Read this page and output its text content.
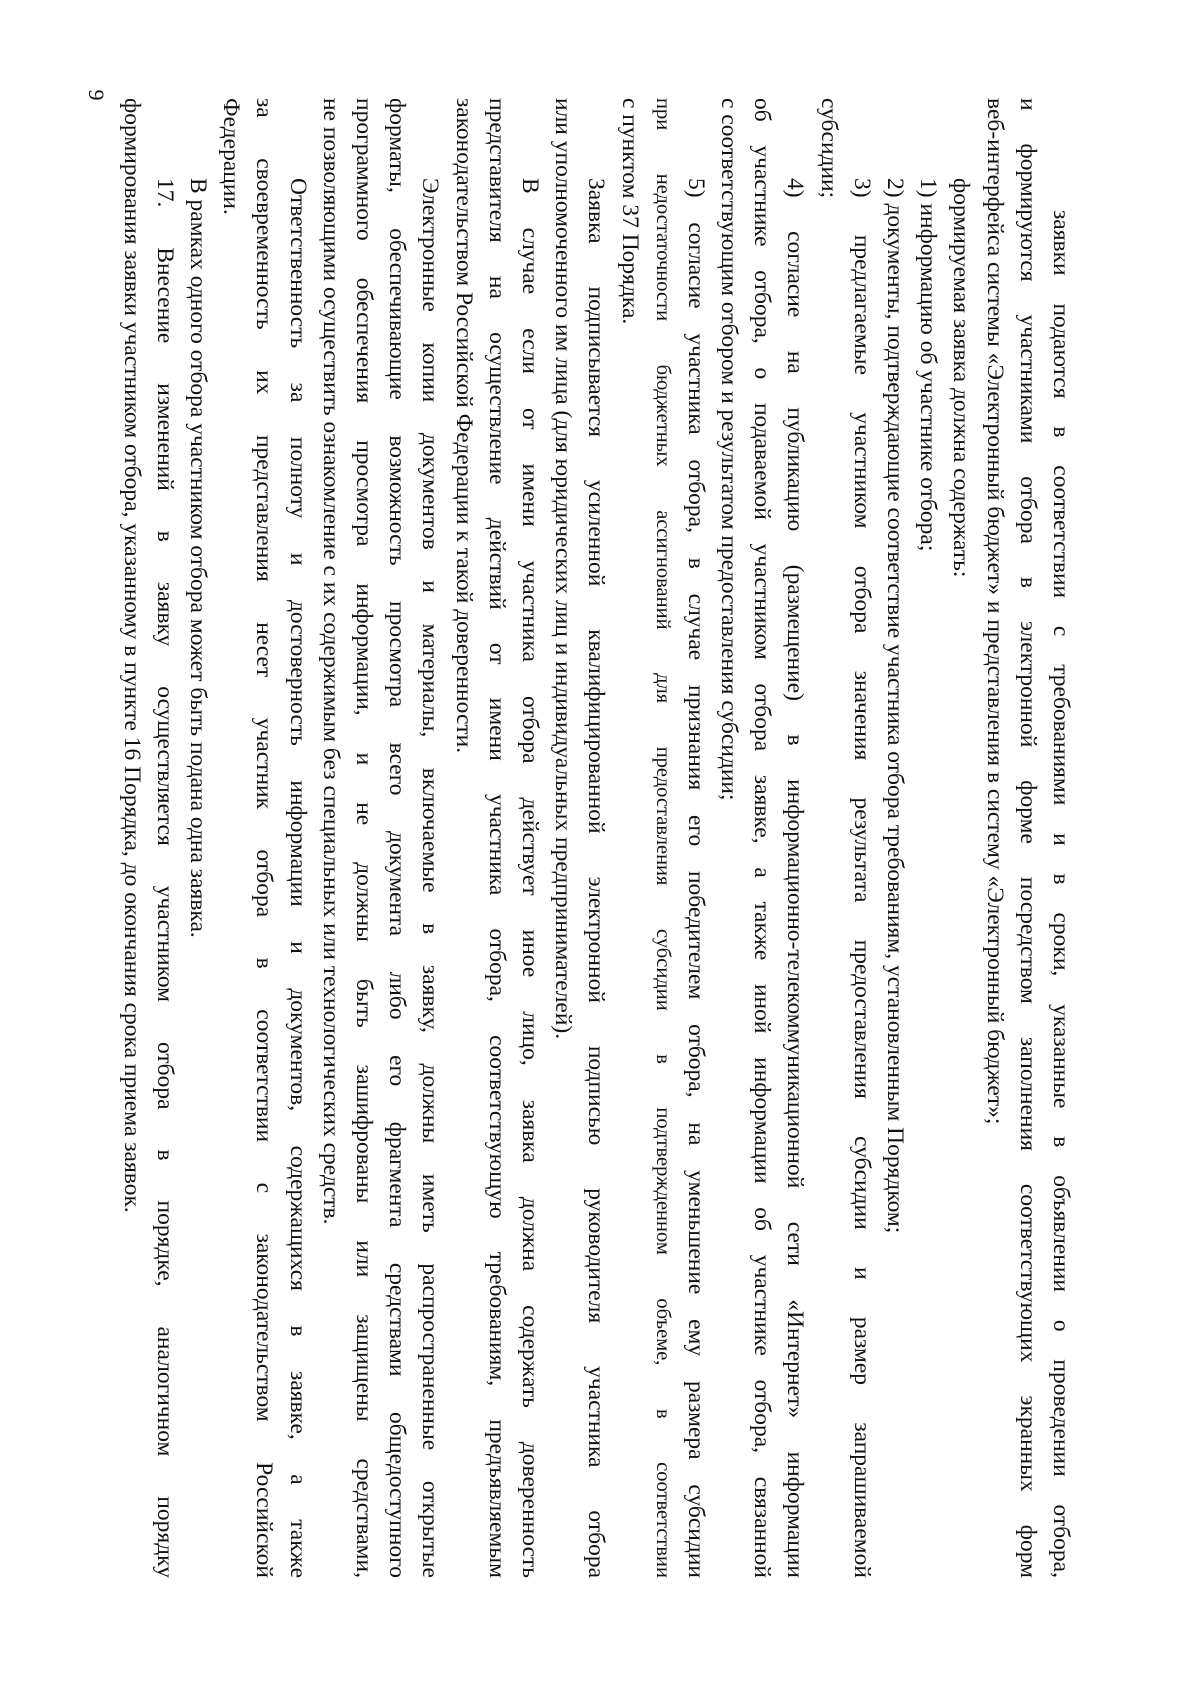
9
заявки подаются в соответствии с требованиями и в сроки, указанные в объявлении о проведении отбора,
и формируются участниками отбора в электронной форме посредством заполнения соответствующих экранных форм
веб-интерфейса системы «Электронный бюджет» и представления в систему «Электронный бюджет»;
формируемая заявка должна содержать:
1) информацию об участнике отбора;
2) документы, подтверждающие соответствие участника отбора требованиям, установленным Порядком;
3) предлагаемые участником отбора значения результата предоставления субсидии и размер запрашиваемой
субсидии;
4) согласие на публикацию (размещение) в информационно-телекоммуникационной сети «Интернет» информации
об участнике отбора, о подаваемой участником отбора заявке, а также иной информации об участнике отбора, связанной
с соответствующим отбором и результатом предоставления субсидии;
5) согласие участника отбора, в случае признания его победителем отбора, на уменьшение ему размера субсидии
при недостаточности бюджетных ассигнований для предоставления субсидии в подтвержденном объеме, в соответствии
с пунктом 37 Порядка.
Заявка подписывается усиленной квалифицированной электронной подписью руководителя участника отбора
или уполномоченного им лица (для юридических лиц и индивидуальных предпринимателей).
В случае если от имени участника отбора действует иное лицо, заявка должна содержать доверенность
представителя на осуществление действий от имени участника отбора, соответствующую требованиям, предъявляемым
законодательством Российской Федерации к такой доверенности.
Электронные копии документов и материалы, включаемые в заявку, должны иметь распространенные открытые
форматы, обеспечивающие возможность просмотра всего документа либо его фрагмента средствами общедоступного
программного обеспечения просмотра информации, и не должны быть зашифрованы или защищены средствами,
не позволяющими осуществить ознакомление с их содержимым без специальных или технологических средств.
Ответственность за полноту и достоверность информации и документов, содержащихся в заявке, а также
за своевременность их представления несет участник отбора в соответствии с законодательством Российской
Федерации.
В рамках одного отбора участником отбора может быть подана одна заявка.
17. Внесение изменений в заявку осуществляется участником отбора в порядке, аналогичном порядку
формирования заявки участником отбора, указанному в пункте 16 Порядка, до окончания срока приема заявок.
